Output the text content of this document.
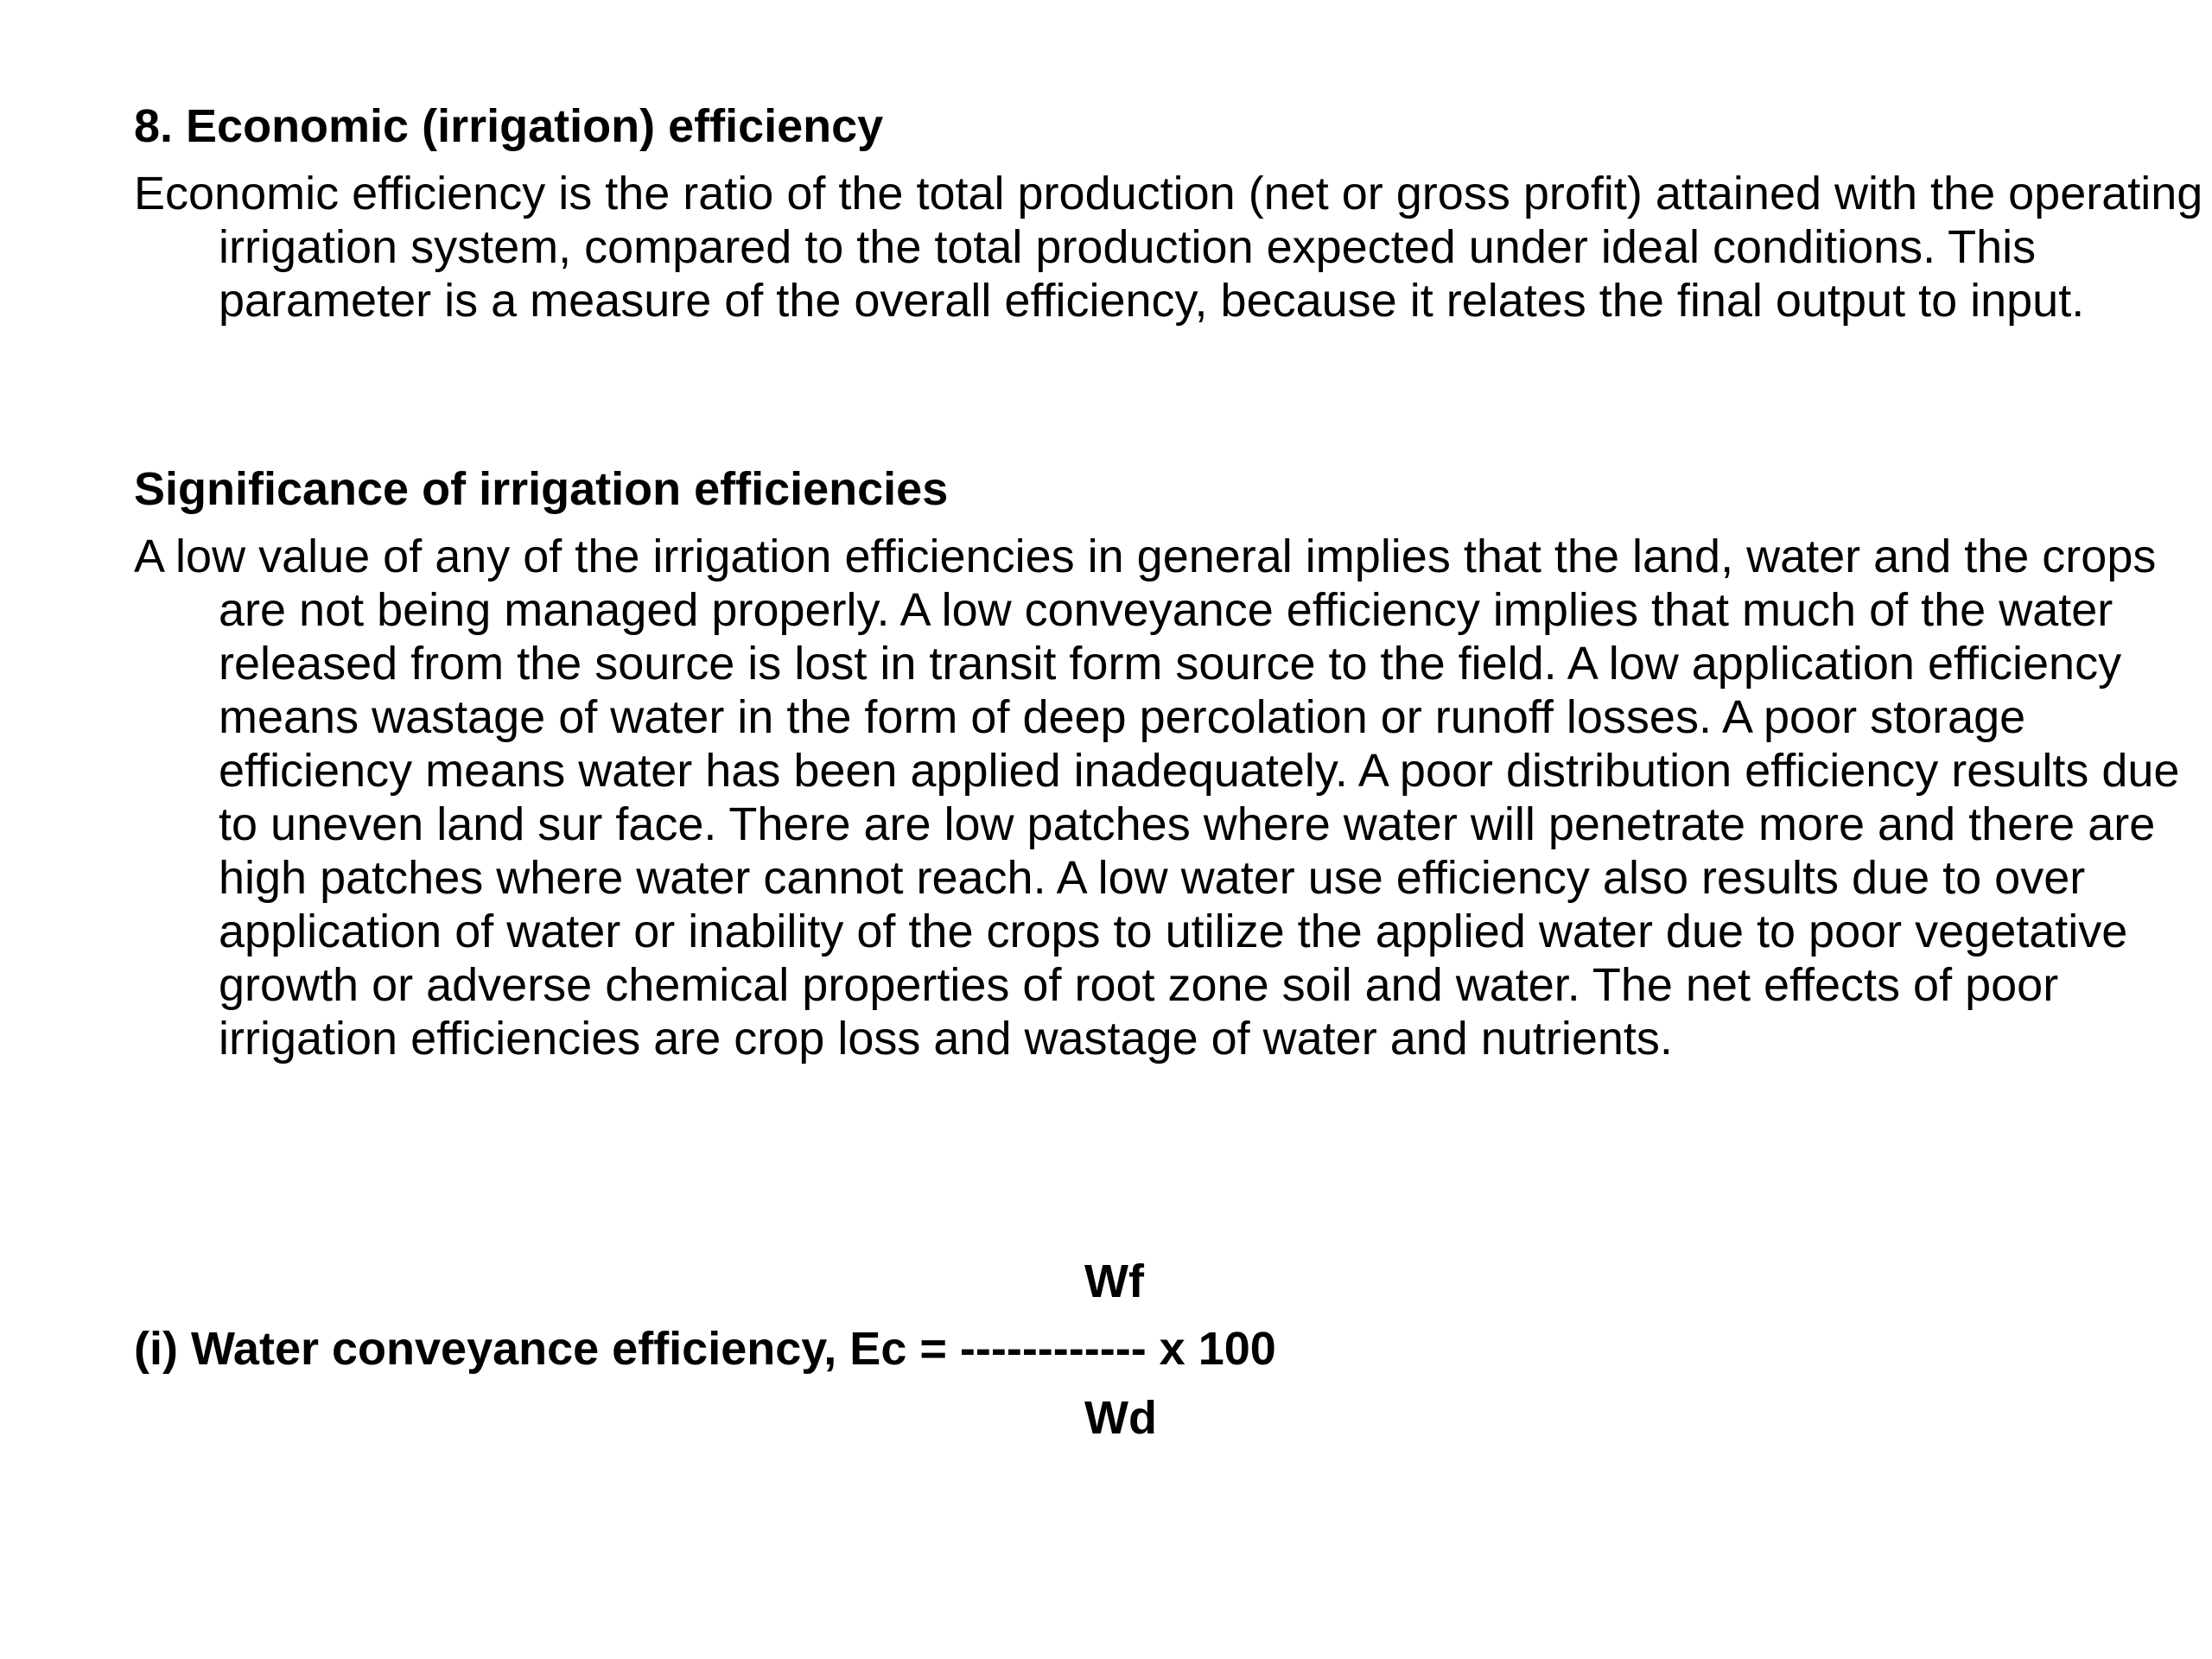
8. Economic (irrigation) efficiency

Economic efficiency is the ratio of the total production (net or gross profit) attained with the operating irrigation system, compared to the total production expected under ideal conditions. This parameter is a measure of the overall efficiency, because it relates the final output to input.

Significance of irrigation efficiencies

A low value of any of the irrigation efficiencies in general implies that the land, water and the crops are not being managed properly. A low conveyance efficiency implies that much of the water released from the source is lost in transit form source to the field. A low application efficiency means wastage of water in the form of deep percolation or runoff losses. A poor storage efficiency means water has been applied inadequately. A poor distribution efficiency results due to uneven land sur face. There are low patches where water will penetrate more and there are high patches where water cannot reach. A low water use efficiency also results due to over application of water or inability of the crops to utilize the applied water due to poor vegetative growth or adverse chemical properties of root zone soil and water. The net effects of poor irrigation efficiencies are crop loss and wastage of water and nutrients.

Wf
(i) Water conveyance efficiency, Ec = ------------ x 100
Wd
